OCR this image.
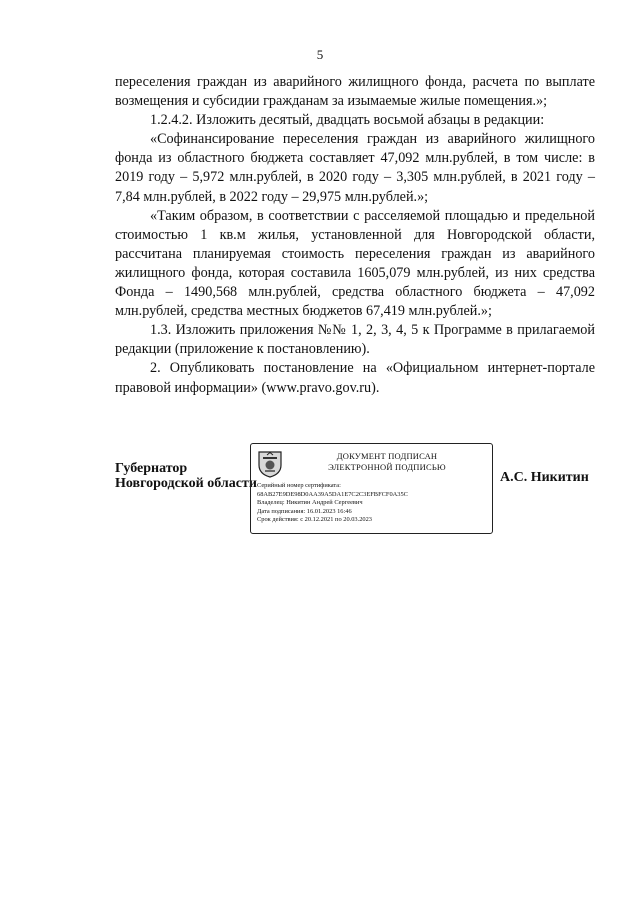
5

переселения граждан из аварийного жилищного фонда, расчета по выплате возмещения и субсидии гражданам за изымаемые жилые помещения.»;

1.2.4.2. Изложить десятый, двадцать восьмой абзацы в редакции:

«Софинансирование переселения граждан из аварийного жилищного фонда из областного бюджета составляет 47,092 млн.рублей, в том числе: в 2019 году – 5,972 млн.рублей, в 2020 году – 3,305 млн.рублей, в 2021 году – 7,84 млн.рублей, в 2022 году – 29,975 млн.рублей.»;

«Таким образом, в соответствии с расселяемой площадью и предельной стоимостью 1 кв.м жилья, установленной для Новгородской области, рассчитана планируемая стоимость переселения граждан из аварийного жилищного фонда, которая составила 1605,079 млн.рублей, из них средства Фонда – 1490,568 млн.рублей, средства областного бюджета – 47,092 млн.рублей, средства местных бюджетов 67,419 млн.рублей.»;

1.3. Изложить приложения №№ 1, 2, 3, 4, 5 к Программе в прилагаемой редакции (приложение к постановлению).

2. Опубликовать постановление на «Официальном интернет-портале правовой информации» (www.pravo.gov.ru).

Губернатор
Новгородской области
ДОКУМЕНТ ПОДПИСАН
ЭЛЕКТРОННОЙ ПОДПИСЬЮ
Серийный номер сертификата:
68AB27E9DE98D0AA39A5DA1E7C2C3EFBFCF0A35C
Владелец: Никитин Андрей Сергеевич
Дата подписания: 16.01.2023 16:46
Срок действия: с 20.12.2021 по 20.03.2023
А.С. Никитин
